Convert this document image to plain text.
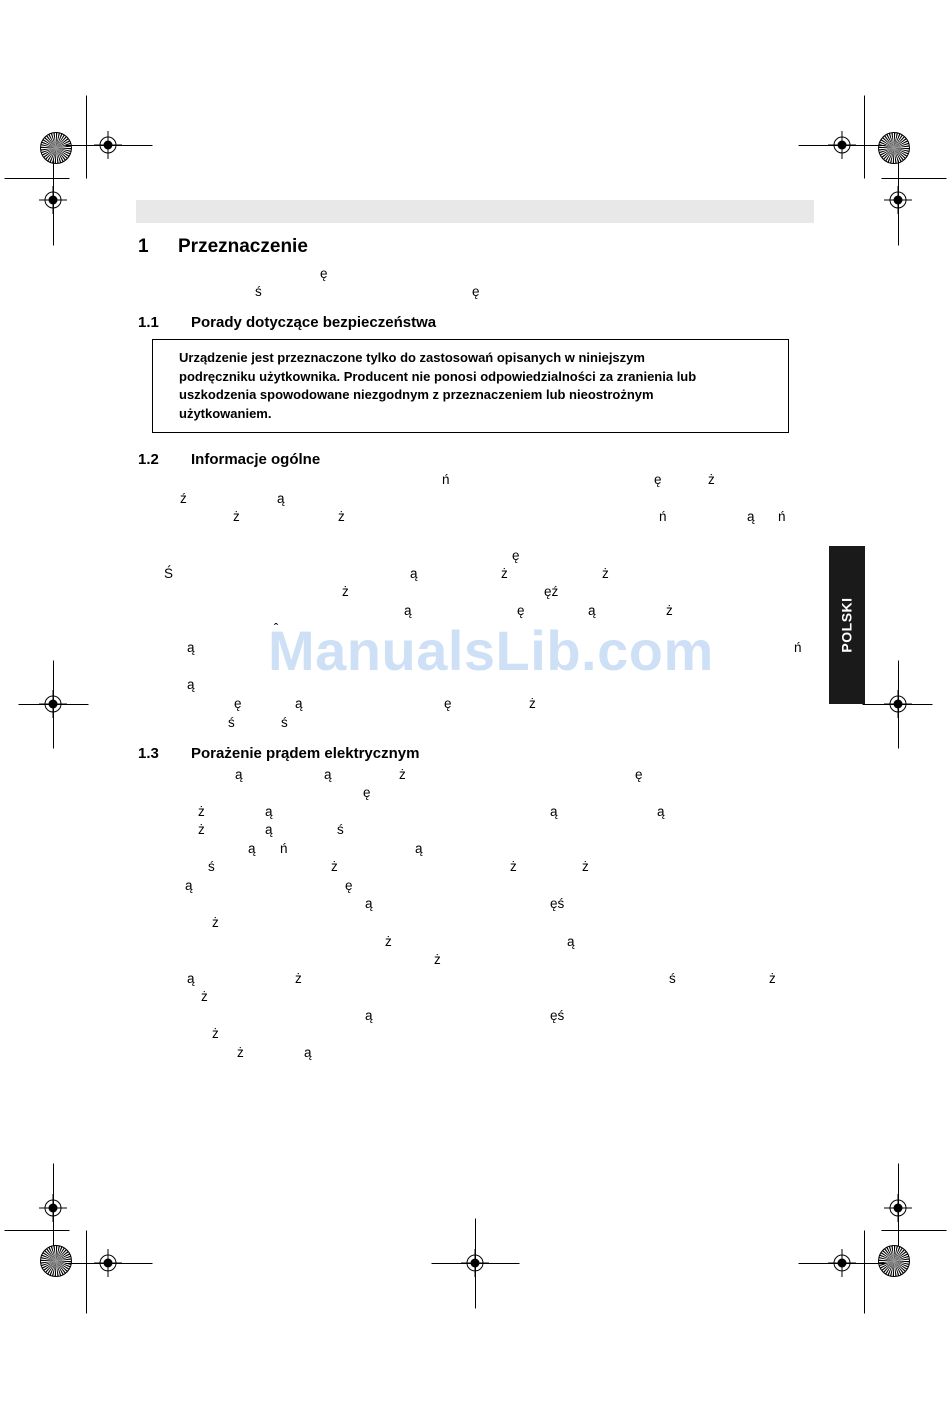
1 Przeznaczenie
1.1 Porady dotyczące bezpieczeństwa
Urządzenie jest przeznaczone tylko do zastosowań opisanych w niniejszym
podręczniku użytkownika. Producent nie ponosi odpowiedzialności za zranienia lub
uszkodzenia spowodowane niezgodnym z przeznaczeniem lub nieostrożnym
użytkowaniem.
1.2 Informacje ogólne
1.3 Porażenie prądem elektrycznym
POLSKI
ę
ś	ę
ń	ę	ż
ź	ą
ż	ż	ń	ą ń
ę
Ś	ą	ż	ż
ż	ęź
ą	ę	ą	ż
ą	ń
ą
ę	ą	ę	ż
ś	ś
ą	ą	ż	ę
ę
ż	ą	ą	ą
ż	ą	ś
ą ń	ą
ś	ż	ż	ż
ą	ę
ą	ęś
ż
ż	ą
ż
ą	ż	ś	ż
ż
ą	ęś
ż
ż	ą
ManualsLib.com
